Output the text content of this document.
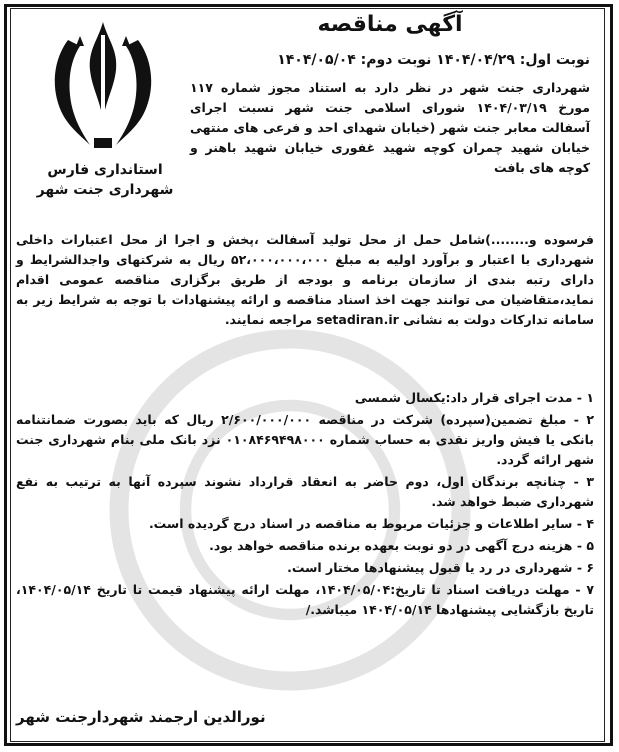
استانداری فارس
شهرداری جنت شهر
آگهی مناقصه
نوبت اول: ۱۴۰۴/۰۴/۲۹ نوبت دوم: ۱۴۰۴/۰۵/۰۴
شهرداری جنت شهر در نظر دارد به استناد مجوز شماره ۱۱۷ مورخ ۱۴۰۴/۰۳/۱۹ شورای اسلامی جنت شهر نسبت اجرای آسفالت معابر جنت شهر (خیابان شهدای احد و فرعی های منتهی خیابان شهید چمران کوچه شهید غفوری خیابان شهید باهنر و کوچه های بافت
فرسوده و........)شامل حمل از محل تولید آسفالت ،پخش و اجرا از محل اعتبارات داخلی شهرداری با اعتبار و برآورد اولیه به مبلغ ۵۲،۰۰۰،۰۰۰،۰۰۰ ریال به شرکتهای واجدالشرایط و دارای رتبه بندی از سازمان برنامه و بودجه از طریق برگزاری مناقصه عمومی اقدام نماید،متقاضیان می توانند جهت اخذ اسناد مناقصه و ارائه پیشنهادات با توجه به شرایط زیر به سامانه تدارکات دولت به نشانی setadiran.ir مراجعه نمایند.
۱ - مدت اجرای قرار داد:یکسال شمسی
۲ - مبلغ تضمین(سپرده) شرکت در مناقصه ۲/۶۰۰/۰۰۰/۰۰۰ ریال که باید بصورت ضمانتنامه بانکی یا فیش واریز نقدی به حساب شماره ۰۱۰۸۴۶۹۴۹۸۰۰۰ نزد بانک ملی بنام شهرداری جنت شهر ارائه گردد.
۳ - چنانچه برندگان اول، دوم حاضر به انعقاد قرارداد نشوند سپرده آنها به ترتیب به نفع شهرداری ضبط خواهد شد.
۴ - سایر اطلاعات و جزئیات مربوط به مناقصه در اسناد درج گردیده است.
۵ - هزینه درج آگهی در دو نوبت بعهده برنده مناقصه خواهد بود.
۶ - شهرداری در رد یا قبول پیشنهادها مختار است.
۷ - مهلت دریافت اسناد تا تاریخ:۱۴۰۴/۰۵/۰۴، مهلت ارائه پیشنهاد قیمت تا تاریخ ۱۴۰۴/۰۵/۱۴، تاریخ بازگشایی پیشنهادها ۱۴۰۴/۰۵/۱۴ میباشد./
نورالدین ارجمند شهردارجنت شهر
